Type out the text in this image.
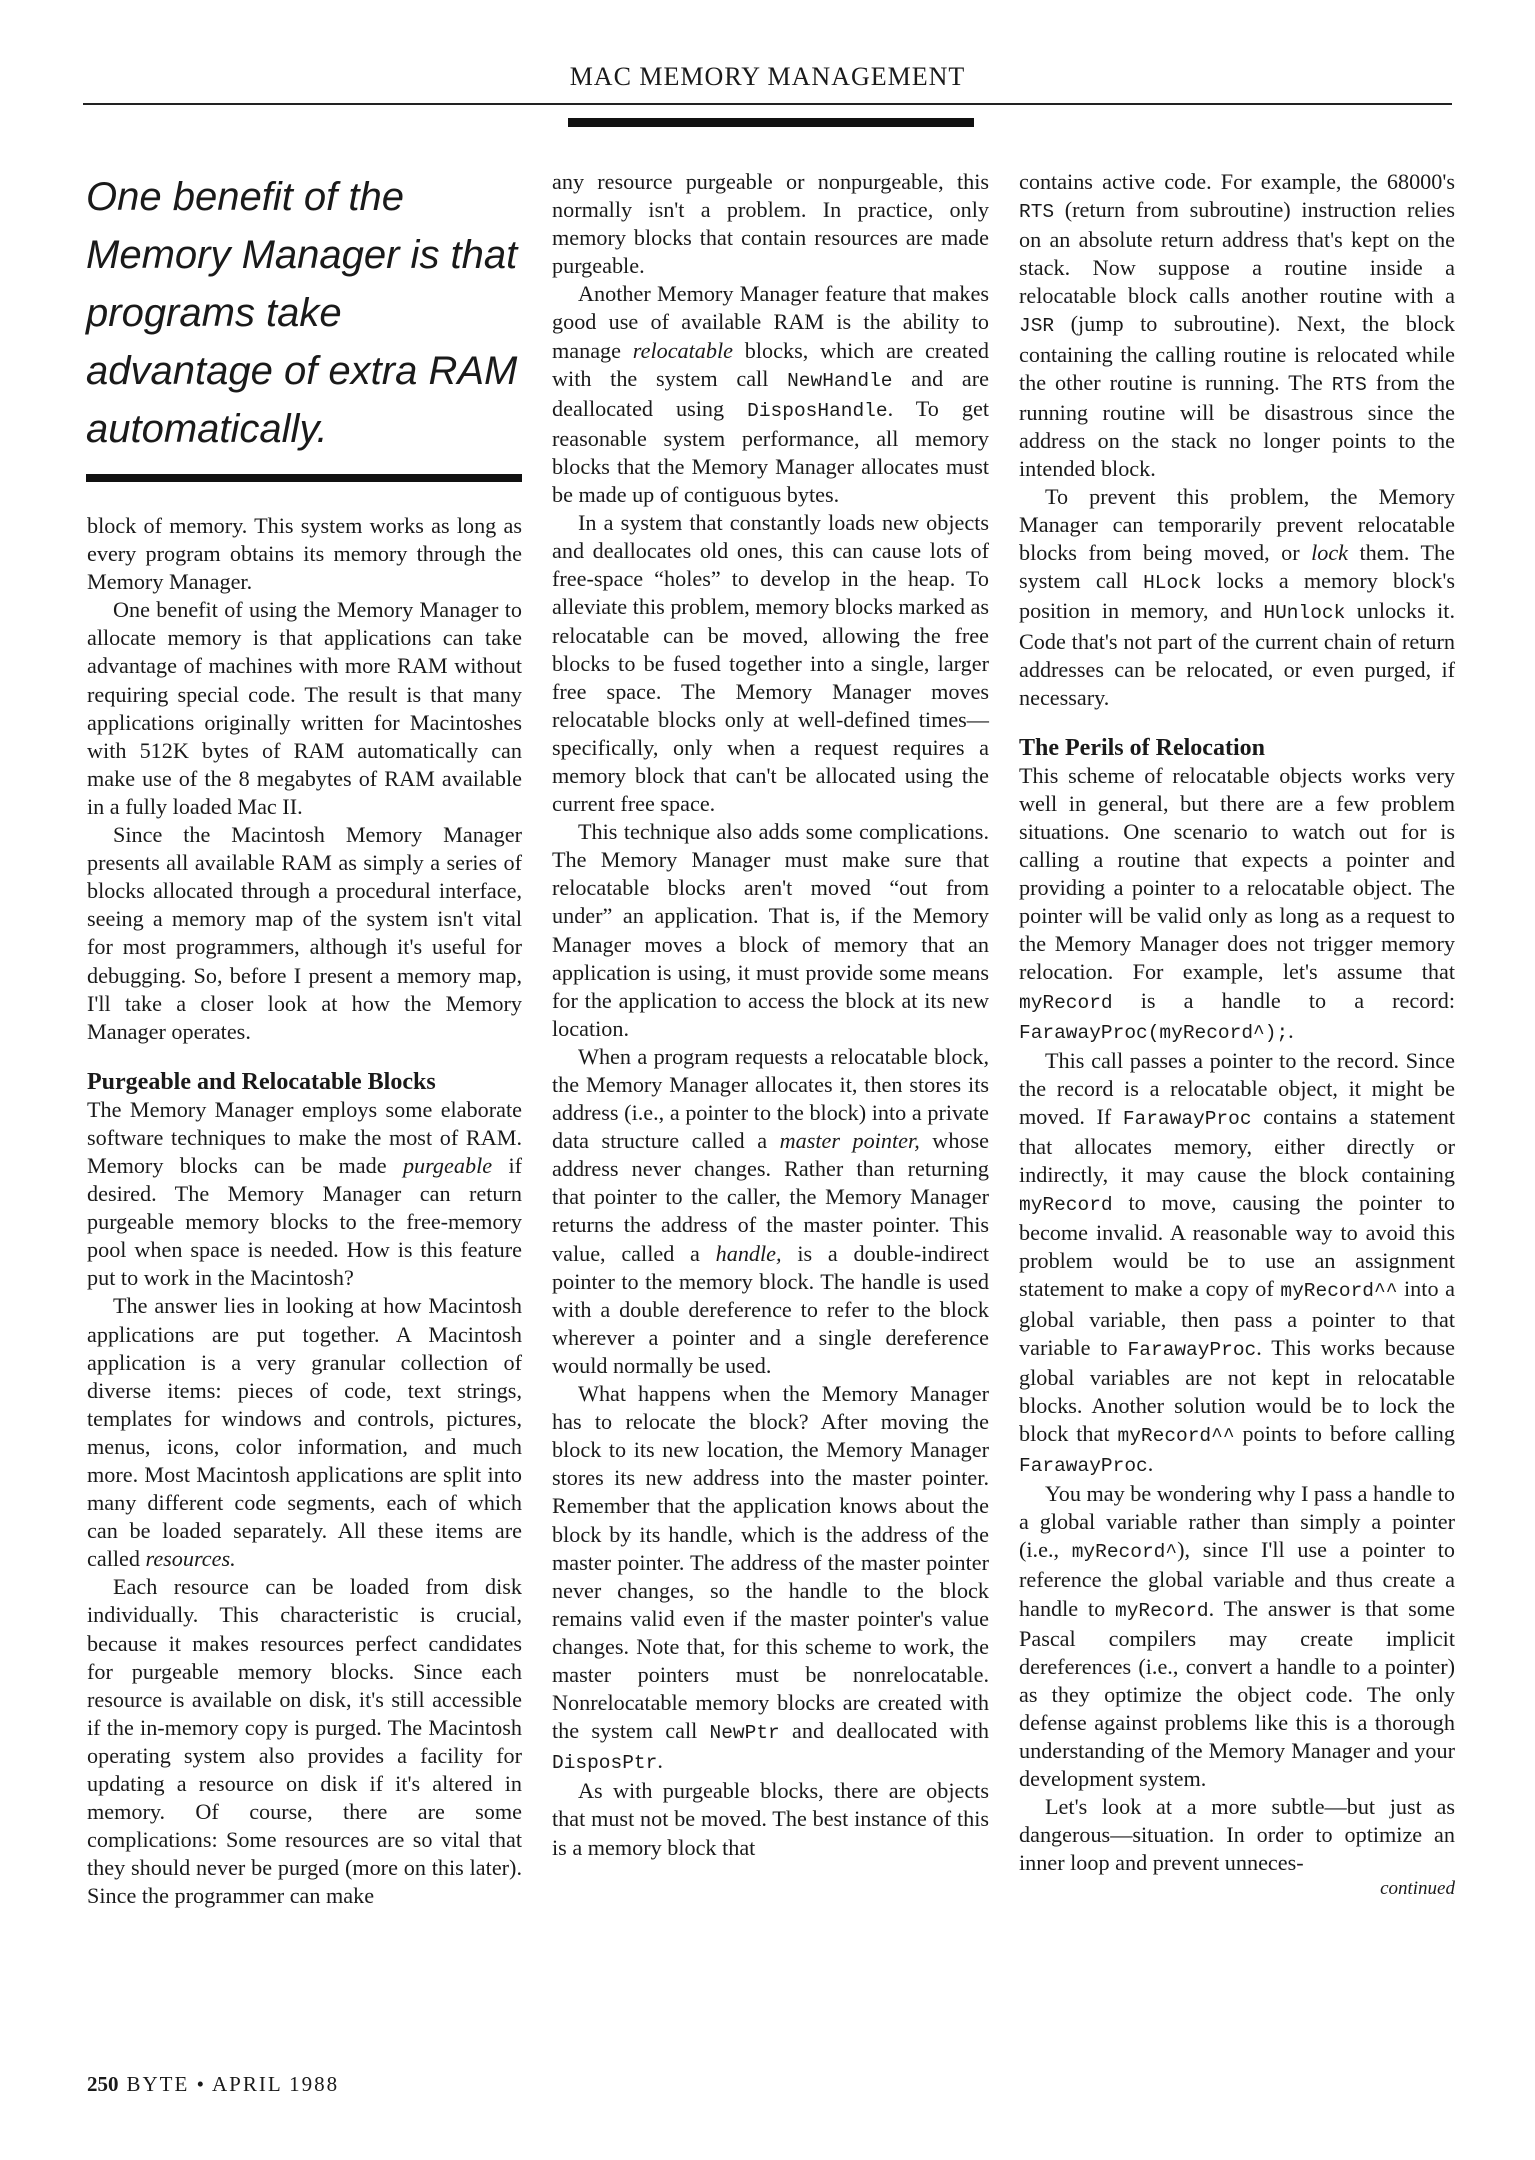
MAC MEMORY MANAGEMENT
One benefit of the Memory Manager is that programs take advantage of extra RAM automatically.

block of memory. This system works as long as every program obtains its memory through the Memory Manager.

One benefit of using the Memory Manager to allocate memory is that applications can take advantage of machines with more RAM without requiring special code. The result is that many applications originally written for Macintoshes with 512K bytes of RAM automatically can make use of the 8 megabytes of RAM available in a fully loaded Mac II.

Since the Macintosh Memory Manager presents all available RAM as simply a series of blocks allocated through a procedural interface, seeing a memory map of the system isn't vital for most programmers, although it's useful for debugging. So, before I present a memory map, I'll take a closer look at how the Memory Manager operates.

Purgeable and Relocatable Blocks

The Memory Manager employs some elaborate software techniques to make the most of RAM. Memory blocks can be made purgeable if desired. The Memory Manager can return purgeable memory blocks to the free-memory pool when space is needed. How is this feature put to work in the Macintosh?

The answer lies in looking at how Macintosh applications are put together. A Macintosh application is a very granular collection of diverse items: pieces of code, text strings, templates for windows and controls, pictures, menus, icons, color information, and much more. Most Macintosh applications are split into many different code segments, each of which can be loaded separately. All these items are called resources.

Each resource can be loaded from disk individually. This characteristic is crucial, because it makes resources perfect candidates for purgeable memory blocks. Since each resource is available on disk, it's still accessible if the in-memory copy is purged. The Macintosh operating system also provides a facility for updating a resource on disk if it's altered in memory. Of course, there are some complications: Some resources are so vital that they should never be purged (more on this later). Since the programmer can make

any resource purgeable or nonpurgeable, this normally isn't a problem. In practice, only memory blocks that contain resources are made purgeable.

Another Memory Manager feature that makes good use of available RAM is the ability to manage relocatable blocks, which are created with the system call NewHandle and are deallocated using DisposHandle. To get reasonable system performance, all memory blocks that the Memory Manager allocates must be made up of contiguous bytes.

In a system that constantly loads new objects and deallocates old ones, this can cause lots of free-space “holes” to develop in the heap. To alleviate this problem, memory blocks marked as relocatable can be moved, allowing the free blocks to be fused together into a single, larger free space. The Memory Manager moves relocatable blocks only at well-defined times—specifically, only when a request requires a memory block that can't be allocated using the current free space.

This technique also adds some complications. The Memory Manager must make sure that relocatable blocks aren't moved “out from under” an application. That is, if the Memory Manager moves a block of memory that an application is using, it must provide some means for the application to access the block at its new location.

When a program requests a relocatable block, the Memory Manager allocates it, then stores its address (i.e., a pointer to the block) into a private data structure called a master pointer, whose address never changes. Rather than returning that pointer to the caller, the Memory Manager returns the address of the master pointer. This value, called a handle, is a double-indirect pointer to the memory block. The handle is used with a double dereference to refer to the block wherever a pointer and a single dereference would normally be used.

What happens when the Memory Manager has to relocate the block? After moving the block to its new location, the Memory Manager stores its new address into the master pointer. Remember that the application knows about the block by its handle, which is the address of the master pointer. The address of the master pointer never changes, so the handle to the block remains valid even if the master pointer's value changes. Note that, for this scheme to work, the master pointers must be nonrelocatable. Nonrelocatable memory blocks are created with the system call NewPtr and deallocated with DisposPtr.

As with purgeable blocks, there are objects that must not be moved. The best instance of this is a memory block that

contains active code. For example, the 68000's RTS (return from subroutine) instruction relies on an absolute return address that's kept on the stack. Now suppose a routine inside a relocatable block calls another routine with a JSR (jump to subroutine). Next, the block containing the calling routine is relocated while the other routine is running. The RTS from the running routine will be disastrous since the address on the stack no longer points to the intended block.

To prevent this problem, the Memory Manager can temporarily prevent relocatable blocks from being moved, or lock them. The system call HLock locks a memory block's position in memory, and HUnlock unlocks it. Code that's not part of the current chain of return addresses can be relocated, or even purged, if necessary.

The Perils of Relocation

This scheme of relocatable objects works very well in general, but there are a few problem situations. One scenario to watch out for is calling a routine that expects a pointer and providing a pointer to a relocatable object. The pointer will be valid only as long as a request to the Memory Manager does not trigger memory relocation. For example, let's assume that myRecord is a handle to a record: FarawayProc(myRecord^);.

This call passes a pointer to the record. Since the record is a relocatable object, it might be moved. If FarawayProc contains a statement that allocates memory, either directly or indirectly, it may cause the block containing myRecord to move, causing the pointer to become invalid. A reasonable way to avoid this problem would be to use an assignment statement to make a copy of myRecord^^ into a global variable, then pass a pointer to that variable to FarawayProc. This works because global variables are not kept in relocatable blocks. Another solution would be to lock the block that myRecord^^ points to before calling FarawayProc.

You may be wondering why I pass a handle to a global variable rather than simply a pointer (i.e., myRecord^), since I'll use a pointer to reference the global variable and thus create a handle to myRecord. The answer is that some Pascal compilers may create implicit dereferences (i.e., convert a handle to a pointer) as they optimize the object code. The only defense against problems like this is a thorough understanding of the Memory Manager and your development system.

Let's look at a more subtle—but just as dangerous—situation. In order to optimize an inner loop and prevent unneces-

continued
250 BYTE • APRIL 1988
